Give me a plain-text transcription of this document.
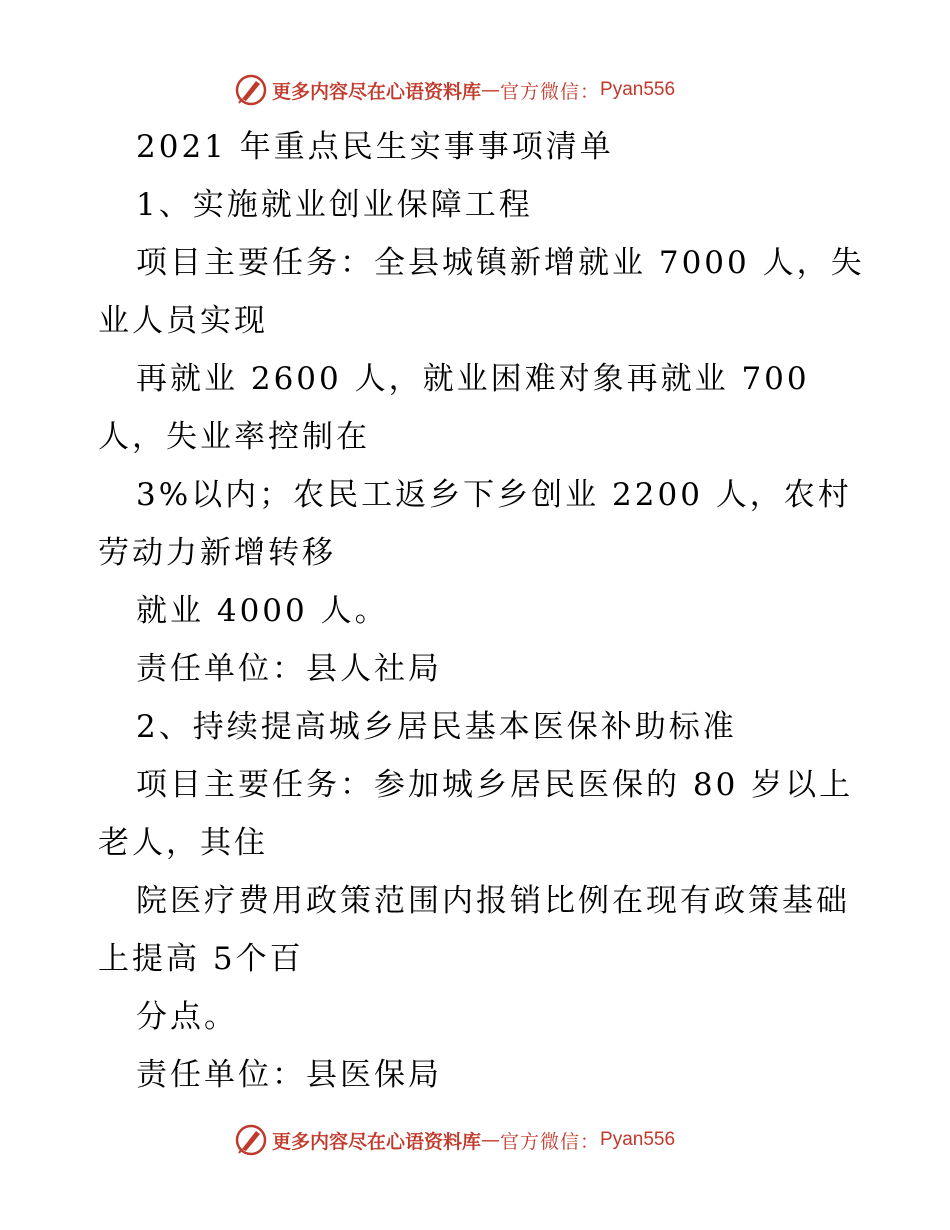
更多内容尽在心语资料库 — 官方微信： Pyan556
2021 年重点民生实事事项清单
1、实施就业创业保障工程
项目主要任务：全县城镇新增就业 7000 人，失
业人员实现
再就业 2600 人，就业困难对象再就业 700
人，失业率控制在
3%以内；农民工返乡下乡创业 2200 人，农村
劳动力新增转移
就业 4000 人。
责任单位：县人社局
2、持续提高城乡居民基本医保补助标准
项目主要任务：参加城乡居民医保的 80 岁以上
老人，其住
院医疗费用政策范围内报销比例在现有政策基础
上提高 5个百
分点。
责任单位：县医保局
更多内容尽在心语资料库 — 官方微信： Pyan556
